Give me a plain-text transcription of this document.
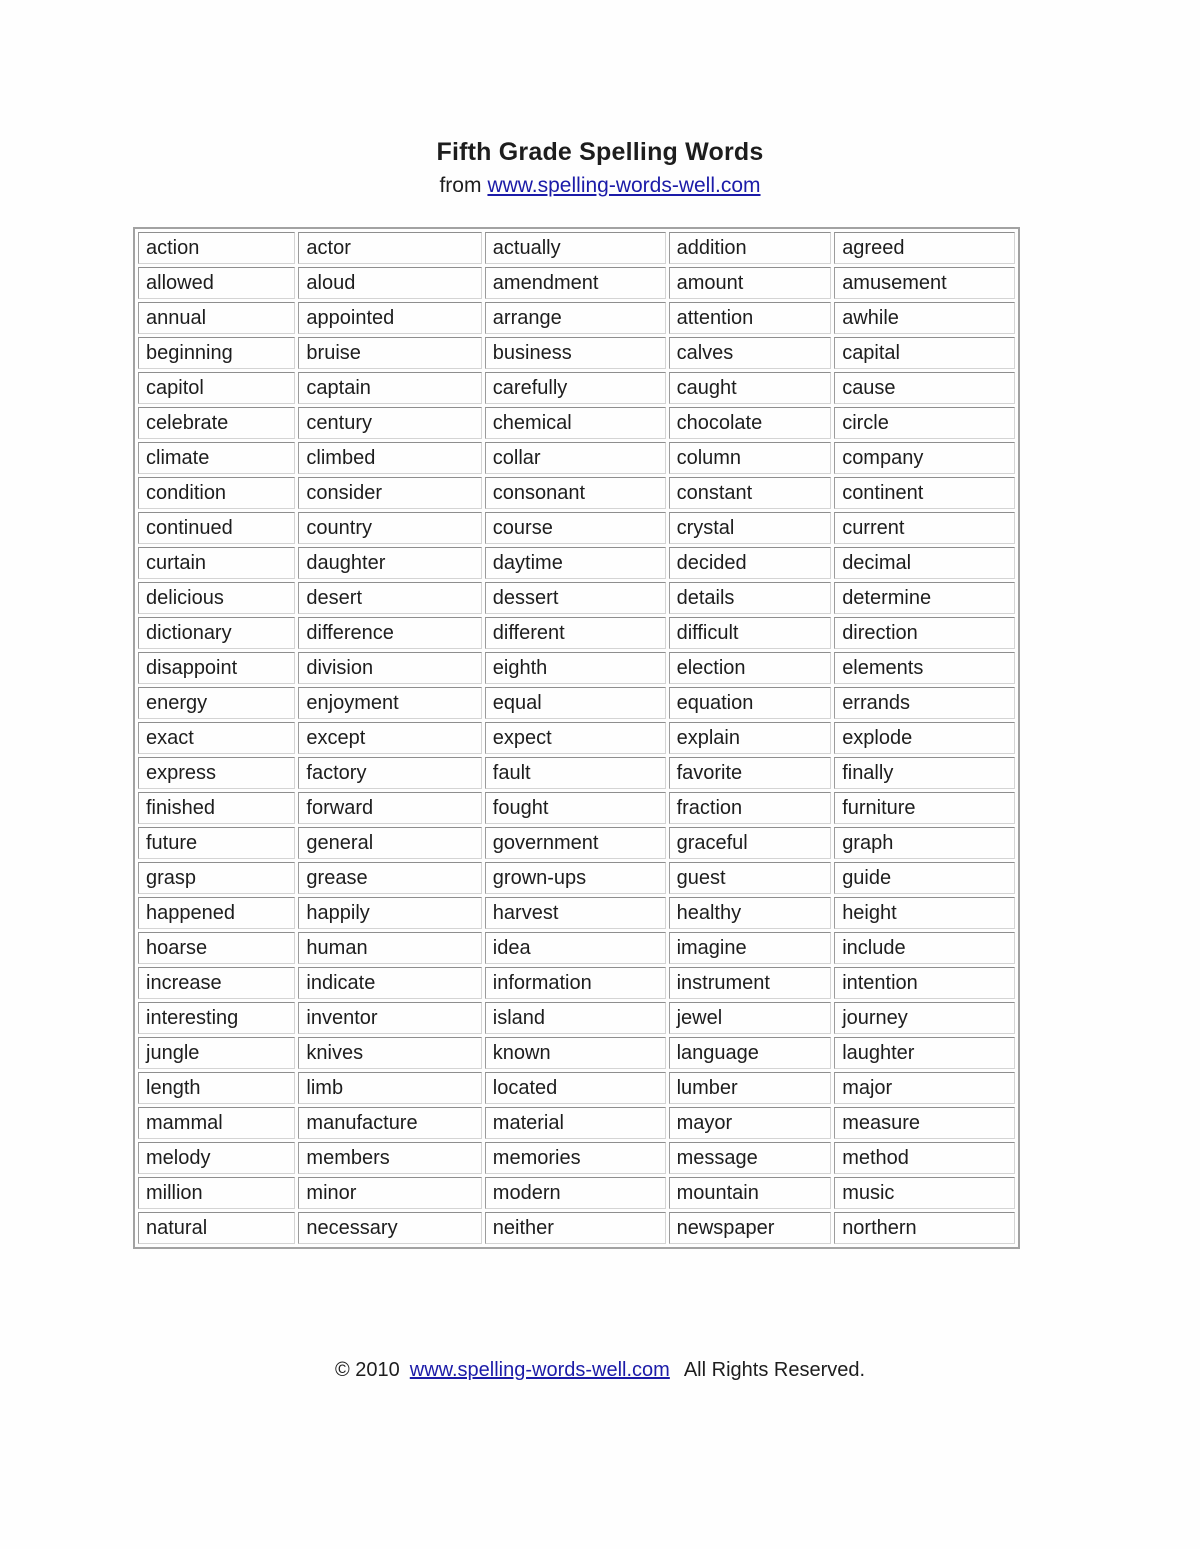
Fifth Grade Spelling Words
from www.spelling-words-well.com
action	actor	actually	addition	agreed
allowed	aloud	amendment	amount	amusement
annual	appointed	arrange	attention	awhile
beginning	bruise	business	calves	capital
capitol	captain	carefully	caught	cause
celebrate	century	chemical	chocolate	circle
climate	climbed	collar	column	company
condition	consider	consonant	constant	continent
continued	country	course	crystal	current
curtain	daughter	daytime	decided	decimal
delicious	desert	dessert	details	determine
dictionary	difference	different	difficult	direction
disappoint	division	eighth	election	elements
energy	enjoyment	equal	equation	errands
exact	except	expect	explain	explode
express	factory	fault	favorite	finally
finished	forward	fought	fraction	furniture
future	general	government	graceful	graph
grasp	grease	grown-ups	guest	guide
happened	happily	harvest	healthy	height
hoarse	human	idea	imagine	include
increase	indicate	information	instrument	intention
interesting	inventor	island	jewel	journey
jungle	knives	known	language	laughter
length	limb	located	lumber	major
mammal	manufacture	material	mayor	measure
melody	members	memories	message	method
million	minor	modern	mountain	music
natural	necessary	neither	newspaper	northern
© 2010 www.spelling-words-well.com All Rights Reserved.
